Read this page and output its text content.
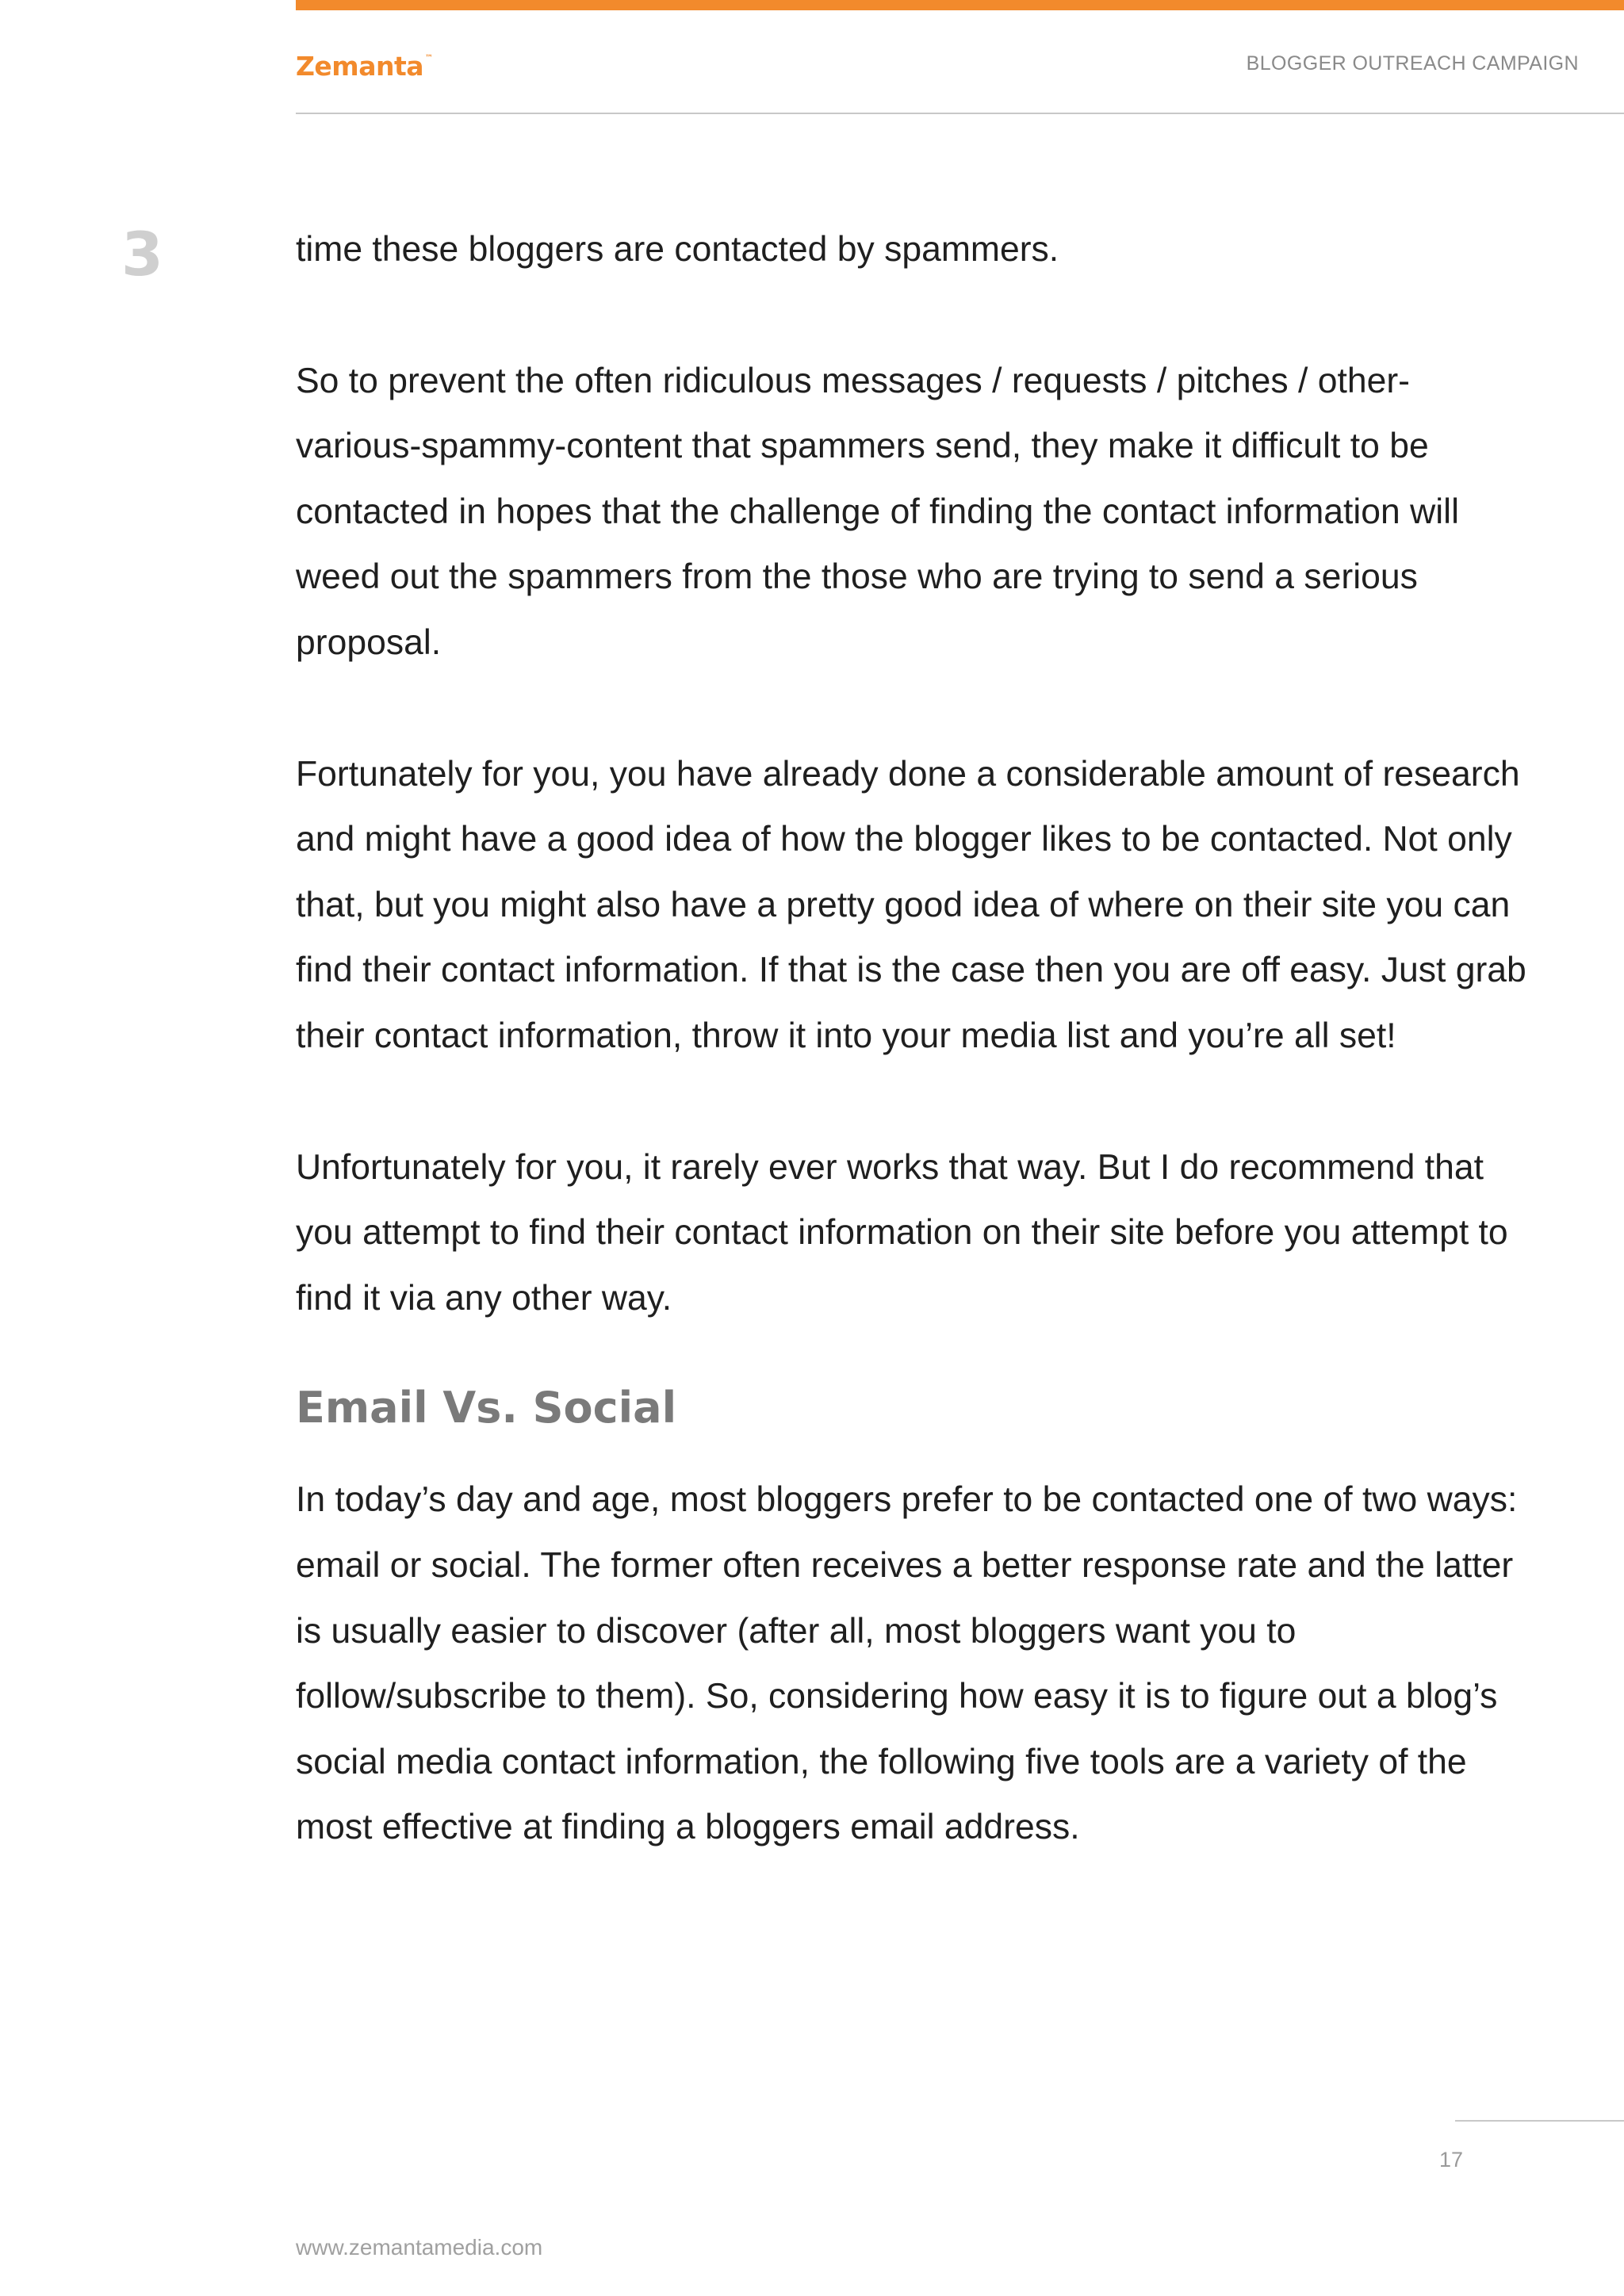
Zemanta ™	BLOGGER OUTREACH CAMPAIGN
3	time these bloggers are contacted by spammers.

So to prevent the often ridiculous messages / requests / pitches / other-various-spammy-content that spammers send, they make it difficult to be contacted in hopes that the challenge of finding the contact information will weed out the spammers from the those who are trying to send a serious proposal.

Fortunately for you, you have already done a considerable amount of research and might have a good idea of how the blogger likes to be contacted. Not only that, but you might also have a pretty good idea of where on their site you can find their contact information. If that is the case then you are off easy. Just grab their contact information, throw it into your media list and you’re all set!

Unfortunately for you, it rarely ever works that way. But I do recommend that you attempt to find their contact information on their site before you attempt to find it via any other way.

Email Vs. Social

In today’s day and age, most bloggers prefer to be contacted one of two ways: email or social. The former often receives a better response rate and the latter is usually easier to discover (after all, most bloggers want you to follow/subscribe to them). So, considering how easy it is to figure out a blog’s social media contact information, the following five tools are a variety of the most effective at finding a bloggers email address.

17
www.zemantamedia.com
